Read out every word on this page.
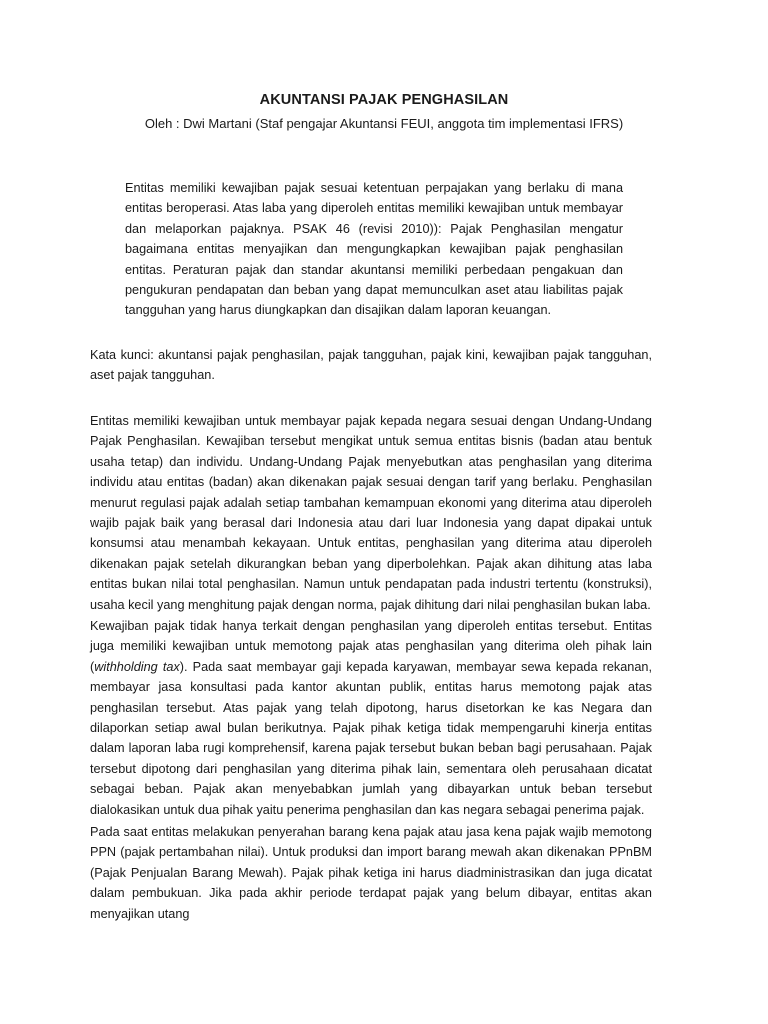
AKUNTANSI PAJAK PENGHASILAN
Oleh : Dwi Martani (Staf pengajar Akuntansi FEUI, anggota tim implementasi IFRS)

Entitas memiliki kewajiban pajak sesuai ketentuan perpajakan yang berlaku di mana entitas beroperasi. Atas laba yang diperoleh entitas memiliki kewajiban untuk membayar dan melaporkan pajaknya. PSAK 46 (revisi 2010)): Pajak Penghasilan mengatur bagaimana entitas menyajikan dan mengungkapkan kewajiban pajak penghasilan entitas. Peraturan pajak dan standar akuntansi memiliki perbedaan pengakuan dan pengukuran pendapatan dan beban yang dapat memunculkan aset atau liabilitas pajak tangguhan yang harus diungkapkan dan disajikan dalam laporan keuangan.

Kata kunci: akuntansi pajak penghasilan, pajak tangguhan, pajak kini, kewajiban pajak tangguhan, aset pajak tangguhan.

Entitas memiliki kewajiban untuk membayar pajak kepada negara sesuai dengan Undang-Undang Pajak Penghasilan. Kewajiban tersebut mengikat untuk semua entitas bisnis (badan atau bentuk usaha tetap) dan individu. Undang-Undang Pajak menyebutkan atas penghasilan yang diterima individu atau entitas (badan) akan dikenakan pajak sesuai dengan tarif yang berlaku. Penghasilan menurut regulasi pajak adalah setiap tambahan kemampuan ekonomi yang diterima atau diperoleh wajib pajak baik yang berasal dari Indonesia atau dari luar Indonesia yang dapat dipakai untuk konsumsi atau menambah kekayaan. Untuk entitas, penghasilan yang diterima atau diperoleh dikenakan pajak setelah dikurangkan beban yang diperbolehkan. Pajak akan dihitung atas laba entitas bukan nilai total penghasilan. Namun untuk pendapatan pada industri tertentu (konstruksi), usaha kecil yang menghitung pajak dengan norma, pajak dihitung dari nilai penghasilan bukan laba.

Kewajiban pajak tidak hanya terkait dengan penghasilan yang diperoleh entitas tersebut. Entitas juga memiliki kewajiban untuk memotong pajak atas penghasilan yang diterima oleh pihak lain (withholding tax). Pada saat membayar gaji kepada karyawan, membayar sewa kepada rekanan, membayar jasa konsultasi pada kantor akuntan publik, entitas harus memotong pajak atas penghasilan tersebut. Atas pajak yang telah dipotong, harus disetorkan ke kas Negara dan dilaporkan setiap awal bulan berikutnya. Pajak pihak ketiga tidak mempengaruhi kinerja entitas dalam laporan laba rugi komprehensif, karena pajak tersebut bukan beban bagi perusahaan. Pajak tersebut dipotong dari penghasilan yang diterima pihak lain, sementara oleh perusahaan dicatat sebagai beban. Pajak akan menyebabkan jumlah yang dibayarkan untuk beban tersebut dialokasikan untuk dua pihak yaitu penerima penghasilan dan kas negara sebagai penerima pajak.

Pada saat entitas melakukan penyerahan barang kena pajak atau jasa kena pajak wajib memotong PPN (pajak pertambahan nilai). Untuk produksi dan import barang mewah akan dikenakan PPnBM (Pajak Penjualan Barang Mewah). Pajak pihak ketiga ini harus diadministrasikan dan juga dicatat dalam pembukuan. Jika pada akhir periode terdapat pajak yang belum dibayar, entitas akan menyajikan utang
